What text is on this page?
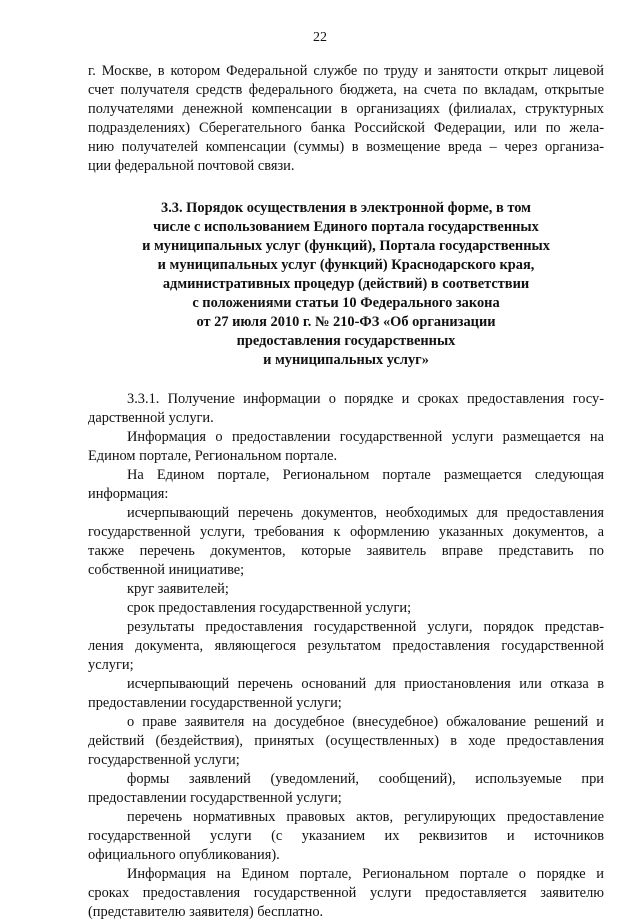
22
г. Москве, в котором Федеральной службе по труду и занятости открыт лицевой
счет получателя средств федерального бюджета, на счета по вкладам, открытые
получателями денежной компенсации в организациях (филиалах, структурных
подразделениях) Сберегательного банка Российской Федерации, или по жела-
нию получателей компенсации (суммы) в возмещение вреда – через организа-
ции федеральной почтовой связи.
3.3. Порядок осуществления в электронной форме, в том
числе с использованием Единого портала государственных
и муниципальных услуг (функций), Портала государственных
и муниципальных услуг (функций) Краснодарского края,
административных процедур (действий) в соответствии
с положениями статьи 10 Федерального закона
от 27 июля 2010 г. № 210-ФЗ «Об организации
предоставления государственных
и муниципальных услуг»
3.3.1. Получение информации о порядке и сроках предоставления госу-
дарственной услуги.
Информация о предоставлении государственной услуги размещается на
Едином портале, Региональном портале.
На Едином портале, Региональном портале размещается следующая
информация:
исчерпывающий перечень документов, необходимых для предоставления
государственной услуги, требования к оформлению указанных документов, а
также перечень документов, которые заявитель вправе представить по
собственной инициативе;
круг заявителей;
срок предоставления государственной услуги;
результаты предоставления государственной услуги, порядок представ-
ления документа, являющегося результатом предоставления государственной
услуги;
исчерпывающий перечень оснований для приостановления или отказа в
предоставлении государственной услуги;
о праве заявителя на досудебное (внесудебное) обжалование решений и
действий (бездействия), принятых (осуществленных) в ходе предоставления
государственной услуги;
формы заявлений (уведомлений, сообщений), используемые при
предоставлении государственной услуги;
перечень нормативных правовых актов, регулирующих предоставление
государственной услуги (с указанием их реквизитов и источников
официального опубликования).
Информация на Едином портале, Региональном портале о порядке и
сроках предоставления государственной услуги предоставляется заявителю
(представителю заявителя) бесплатно.
